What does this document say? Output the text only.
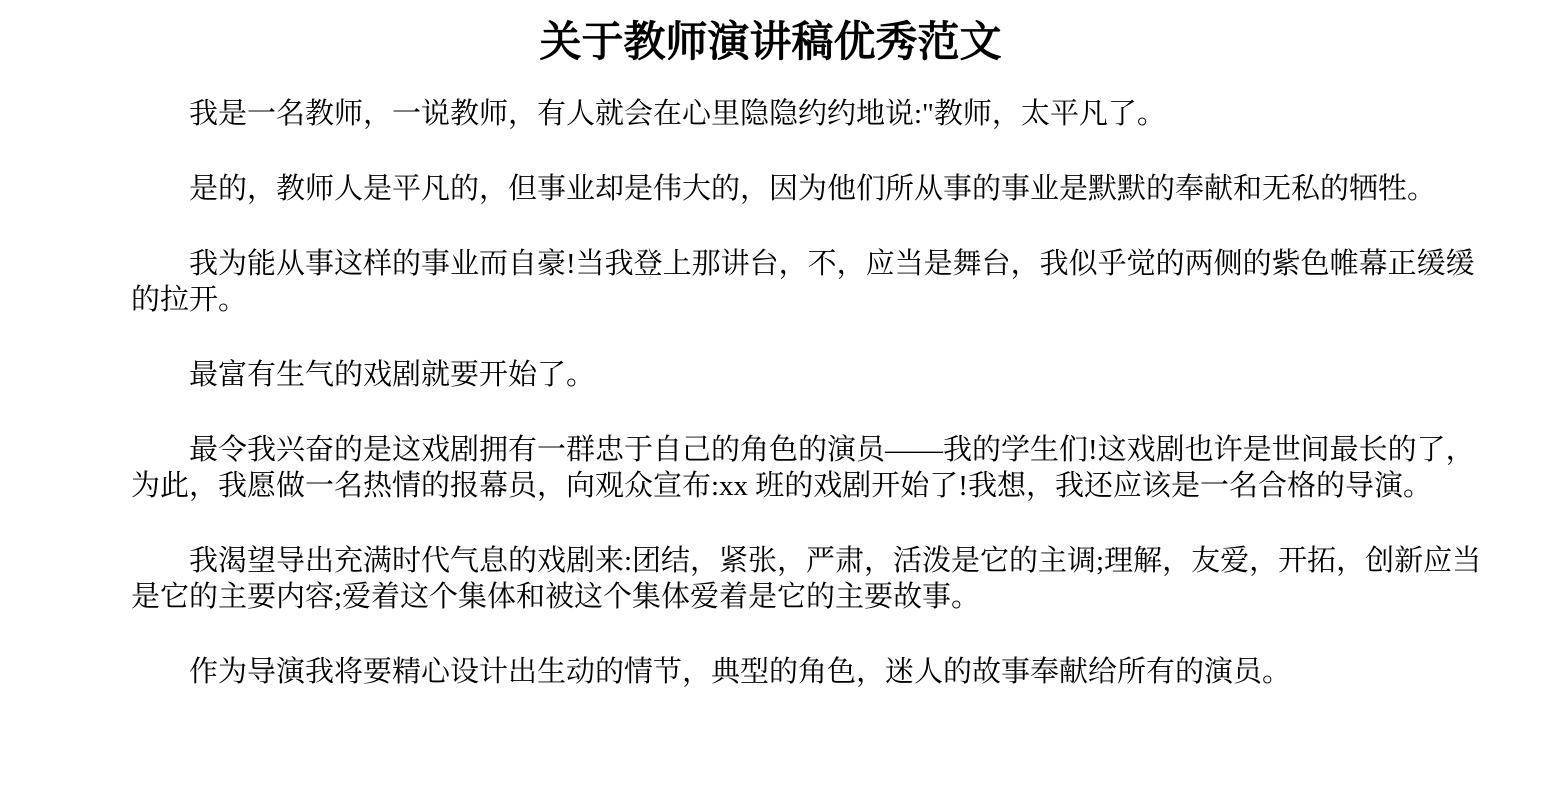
关于教师演讲稿优秀范文

我是一名教师，一说教师，有人就会在心里隐隐约约地说:"教师，太平凡了。

是的，教师人是平凡的，但事业却是伟大的，因为他们所从事的事业是默默的奉献和无私的牺牲。

我为能从事这样的事业而自豪!当我登上那讲台，不，应当是舞台，我似乎觉的两侧的紫色帷幕正缓缓的拉开。

最富有生气的戏剧就要开始了。

最令我兴奋的是这戏剧拥有一群忠于自己的角色的演员——我的学生们!这戏剧也许是世间最长的了，为此，我愿做一名热情的报幕员，向观众宣布:xx 班的戏剧开始了!我想，我还应该是一名合格的导演。

我渴望导出充满时代气息的戏剧来:团结，紧张，严肃，活泼是它的主调;理解，友爱，开拓，创新应当是它的主要内容;爱着这个集体和被这个集体爱着是它的主要故事。

作为导演我将要精心设计出生动的情节，典型的角色，迷人的故事奉献给所有的演员。
